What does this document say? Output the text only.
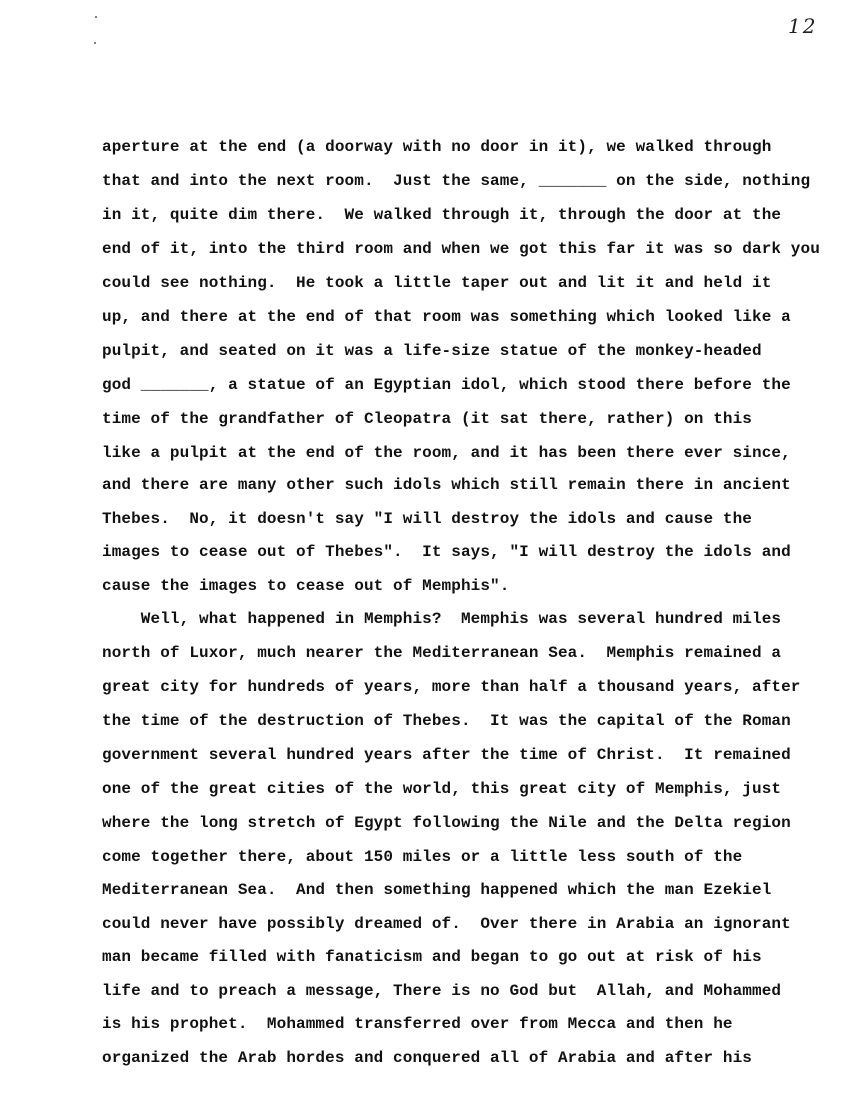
12
aperture at the end (a doorway with no door in it), we walked through
that and into the next room.  Just the same, _______ on the side, nothing
in it, quite dim there.  We walked through it, through the door at the
end of it, into the third room and when we got this far it was so dark you
could see nothing.  He took a little taper out and lit it and held it
up, and there at the end of that room was something which looked like a
pulpit, and seated on it was a life-size statue of the monkey-headed
god _______, a statue of an Egyptian idol, which stood there before the
time of the grandfather of Cleopatra (it sat there, rather) on this
like a pulpit at the end of the room, and it has been there ever since,
and there are many other such idols which still remain there in ancient
Thebes.  No, it doesn't say "I will destroy the idols and cause the
images to cease out of Thebes".  It says, "I will destroy the idols and
cause the images to cease out of Memphis".
Well, what happened in Memphis?  Memphis was several hundred miles
north of Luxor, much nearer the Mediterranean Sea.  Memphis remained a
great city for hundreds of years, more than half a thousand years, after
the time of the destruction of Thebes.  It was the capital of the Roman
government several hundred years after the time of Christ.  It remained
one of the great cities of the world, this great city of Memphis, just
where the long stretch of Egypt following the Nile and the Delta region
come together there, about 150 miles or a little less south of the
Mediterranean Sea.  And then something happened which the man Ezekiel
could never have possibly dreamed of.  Over there in Arabia an ignorant
man became filled with fanaticism and began to go out at risk of his
life and to preach a message, There is no God but  Allah, and Mohammed
is his prophet.  Mohammed transferred over from Mecca and then he
organized the Arab hordes and conquered all of Arabia and after his
